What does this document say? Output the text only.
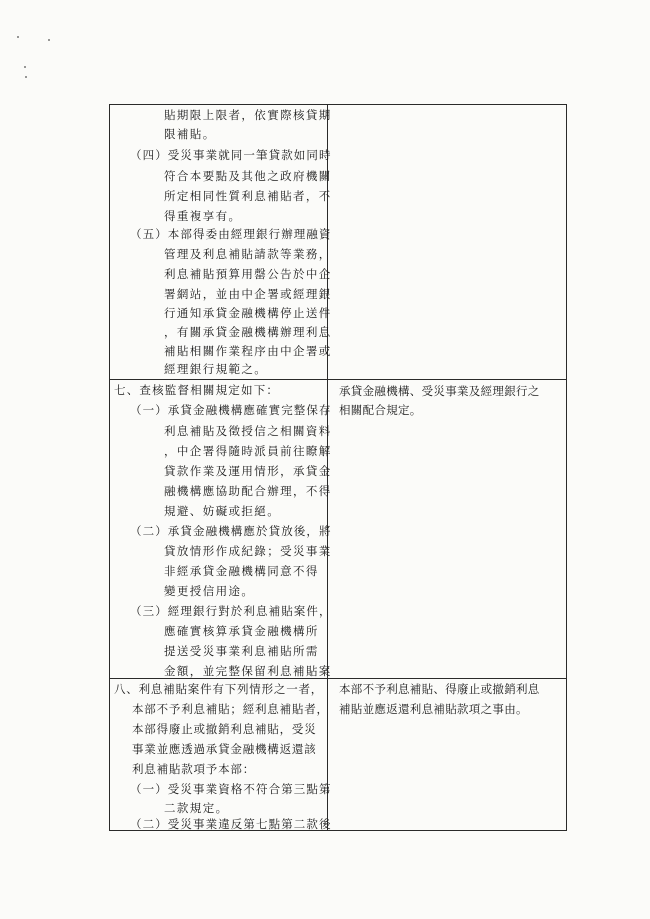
貼期限上限者，依實際核貸期
限補貼。
（四）受災事業就同一筆貸款如同時
符合本要點及其他之政府機關
所定相同性質利息補貼者，不
得重複享有。
（五）本部得委由經理銀行辦理融資
管理及利息補貼請款等業務，
利息補貼預算用罄公告於中企
署網站，並由中企署或經理銀
行通知承貸金融機構停止送件
，有關承貸金融機構辦理利息
補貼相關作業程序由中企署或
經理銀行規範之。
七、查核監督相關規定如下：
（一）承貸金融機構應確實完整保存
利息補貼及徵授信之相關資料
，中企署得隨時派員前往瞭解
貸款作業及運用情形，承貸金
融機構應協助配合辦理，不得
規避、妨礙或拒絕。
（二）承貸金融機構應於貸放後，將
貸放情形作成紀錄；受災事業
非經承貸金融機構同意不得
變更授信用途。
（三）經理銀行對於利息補貼案件，
應確實核算承貸金融機構所
提送受災事業利息補貼所需
金額，並完整保留利息補貼案
八、利息補貼案件有下列情形之一者，
本部不予利息補貼；經利息補貼者，
本部得廢止或撤銷利息補貼，受災
事業並應透過承貸金融機構返還該
利息補貼款項予本部：
（一）受災事業資格不符合第三點第
二款規定。
（二）受災事業違反第七點第二款後
承貸金融機構、受災事業及經理銀行之
相關配合規定。
本部不予利息補貼、得廢止或撤銷利息
補貼並應返還利息補貼款項之事由。
